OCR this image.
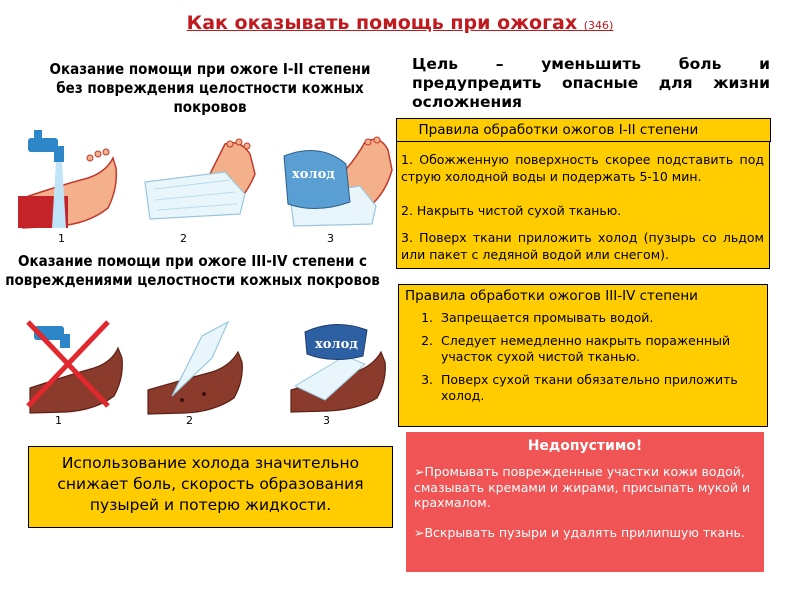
Как оказывать помощь при ожогах (346)
Оказание помощи при ожоге I-II степени без повреждения целостности кожных покровов
Цель – уменьшить боль и предупредить опасные для жизни осложнения
холод
1	2	3
Оказание помощи при ожоге III-IV степени с повреждениями целостности кожных покровов
холод
1	2	3
Правила обработки ожогов I-II степени
1. Обожженную поверхность скорее подставить под струю холодной воды и подержать 5-10 мин.
2. Накрыть чистой сухой тканью.
3. Поверх ткани приложить холод (пузырь со льдом или пакет с ледяной водой или снегом).
Правила обработки ожогов III-IV степени
1. Запрещается промывать водой.
2. Следует немедленно накрыть пораженный участок сухой чистой тканью.
3. Поверх сухой ткани обязательно приложить холод.
Недопустимо!
➢Промывать поврежденные участки кожи водой, смазывать кремами и жирами, присыпать мукой и крахмалом.
➢Вскрывать пузыри и удалять прилипшую ткань.
Использование холода значительно снижает боль, скорость образования пузырей и потерю жидкости.
